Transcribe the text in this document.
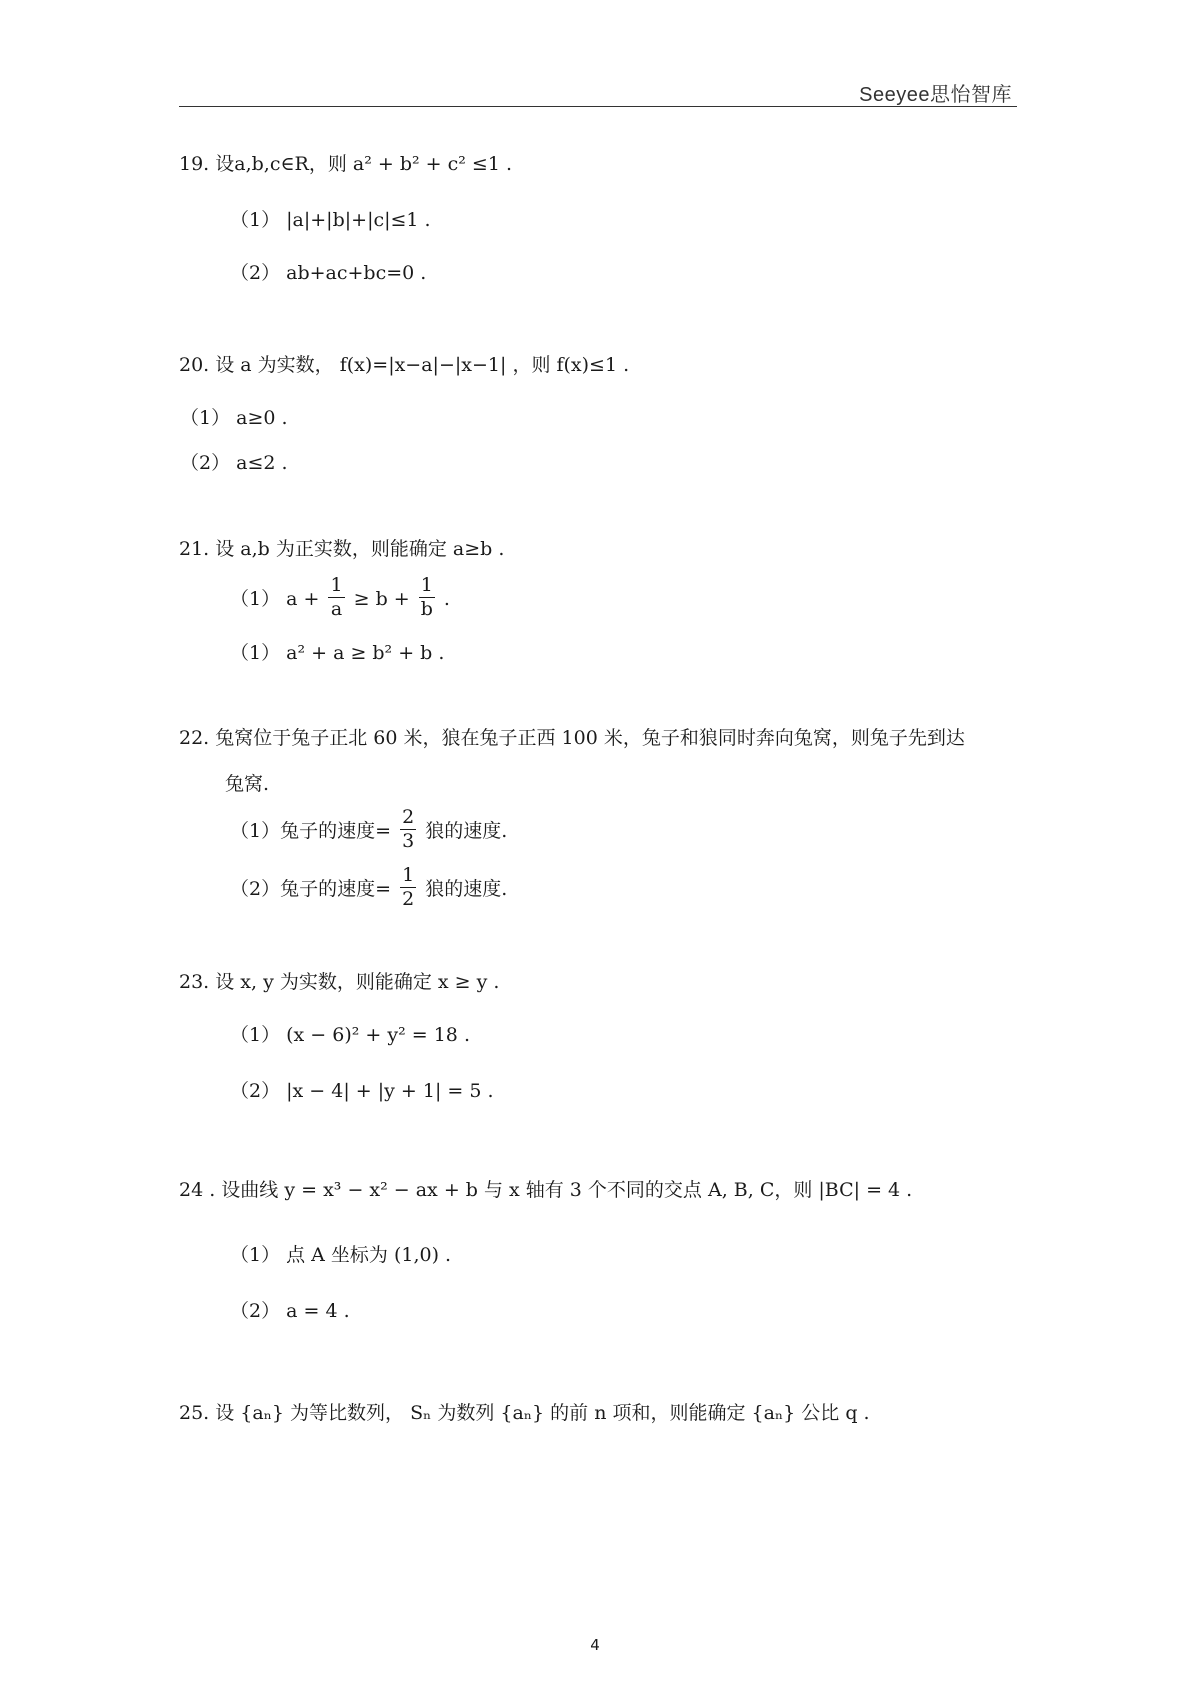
Seeyee思怡智库
19. 设a,b,c∈R，则 a² + b² + c² ≤1 .
（1） |a|+|b|+|c|≤1 .
（2） ab+ac+bc=0 .
20. 设 a 为实数， f(x)=|x−a|−|x−1| ，则 f(x)≤1 .
（1） a≥0 .
（2） a≤2 .
21. 设 a,b 为正实数，则能确定 a≥b .
（1） $a + \frac{1}{a} \ge b + \frac{1}{b}$ .
（1） a² + a ≥ b² + b .
22. 兔窝位于兔子正北 60 米，狼在兔子正西 100 米，兔子和狼同时奔向兔窝，则兔子先到达
兔窝.
（1）兔子的速度= $\frac{2}{3}$ 狼的速度.
（2）兔子的速度= $\frac{1}{2}$ 狼的速度.
23. 设 x, y 为实数，则能确定 x ≥ y .
（1） (x − 6)² + y² = 18 .
（2） |x − 4| + |y + 1| = 5 .
24 . 设曲线 y = x³ − x² − ax + b 与 x 轴有 3 个不同的交点 A, B, C，则 |BC| = 4 .
（1） 点 A 坐标为 (1,0) .
（2） a = 4 .
25. 设 {aₙ} 为等比数列， Sₙ 为数列 {aₙ} 的前 n 项和，则能确定 {aₙ} 公比 q .
4
